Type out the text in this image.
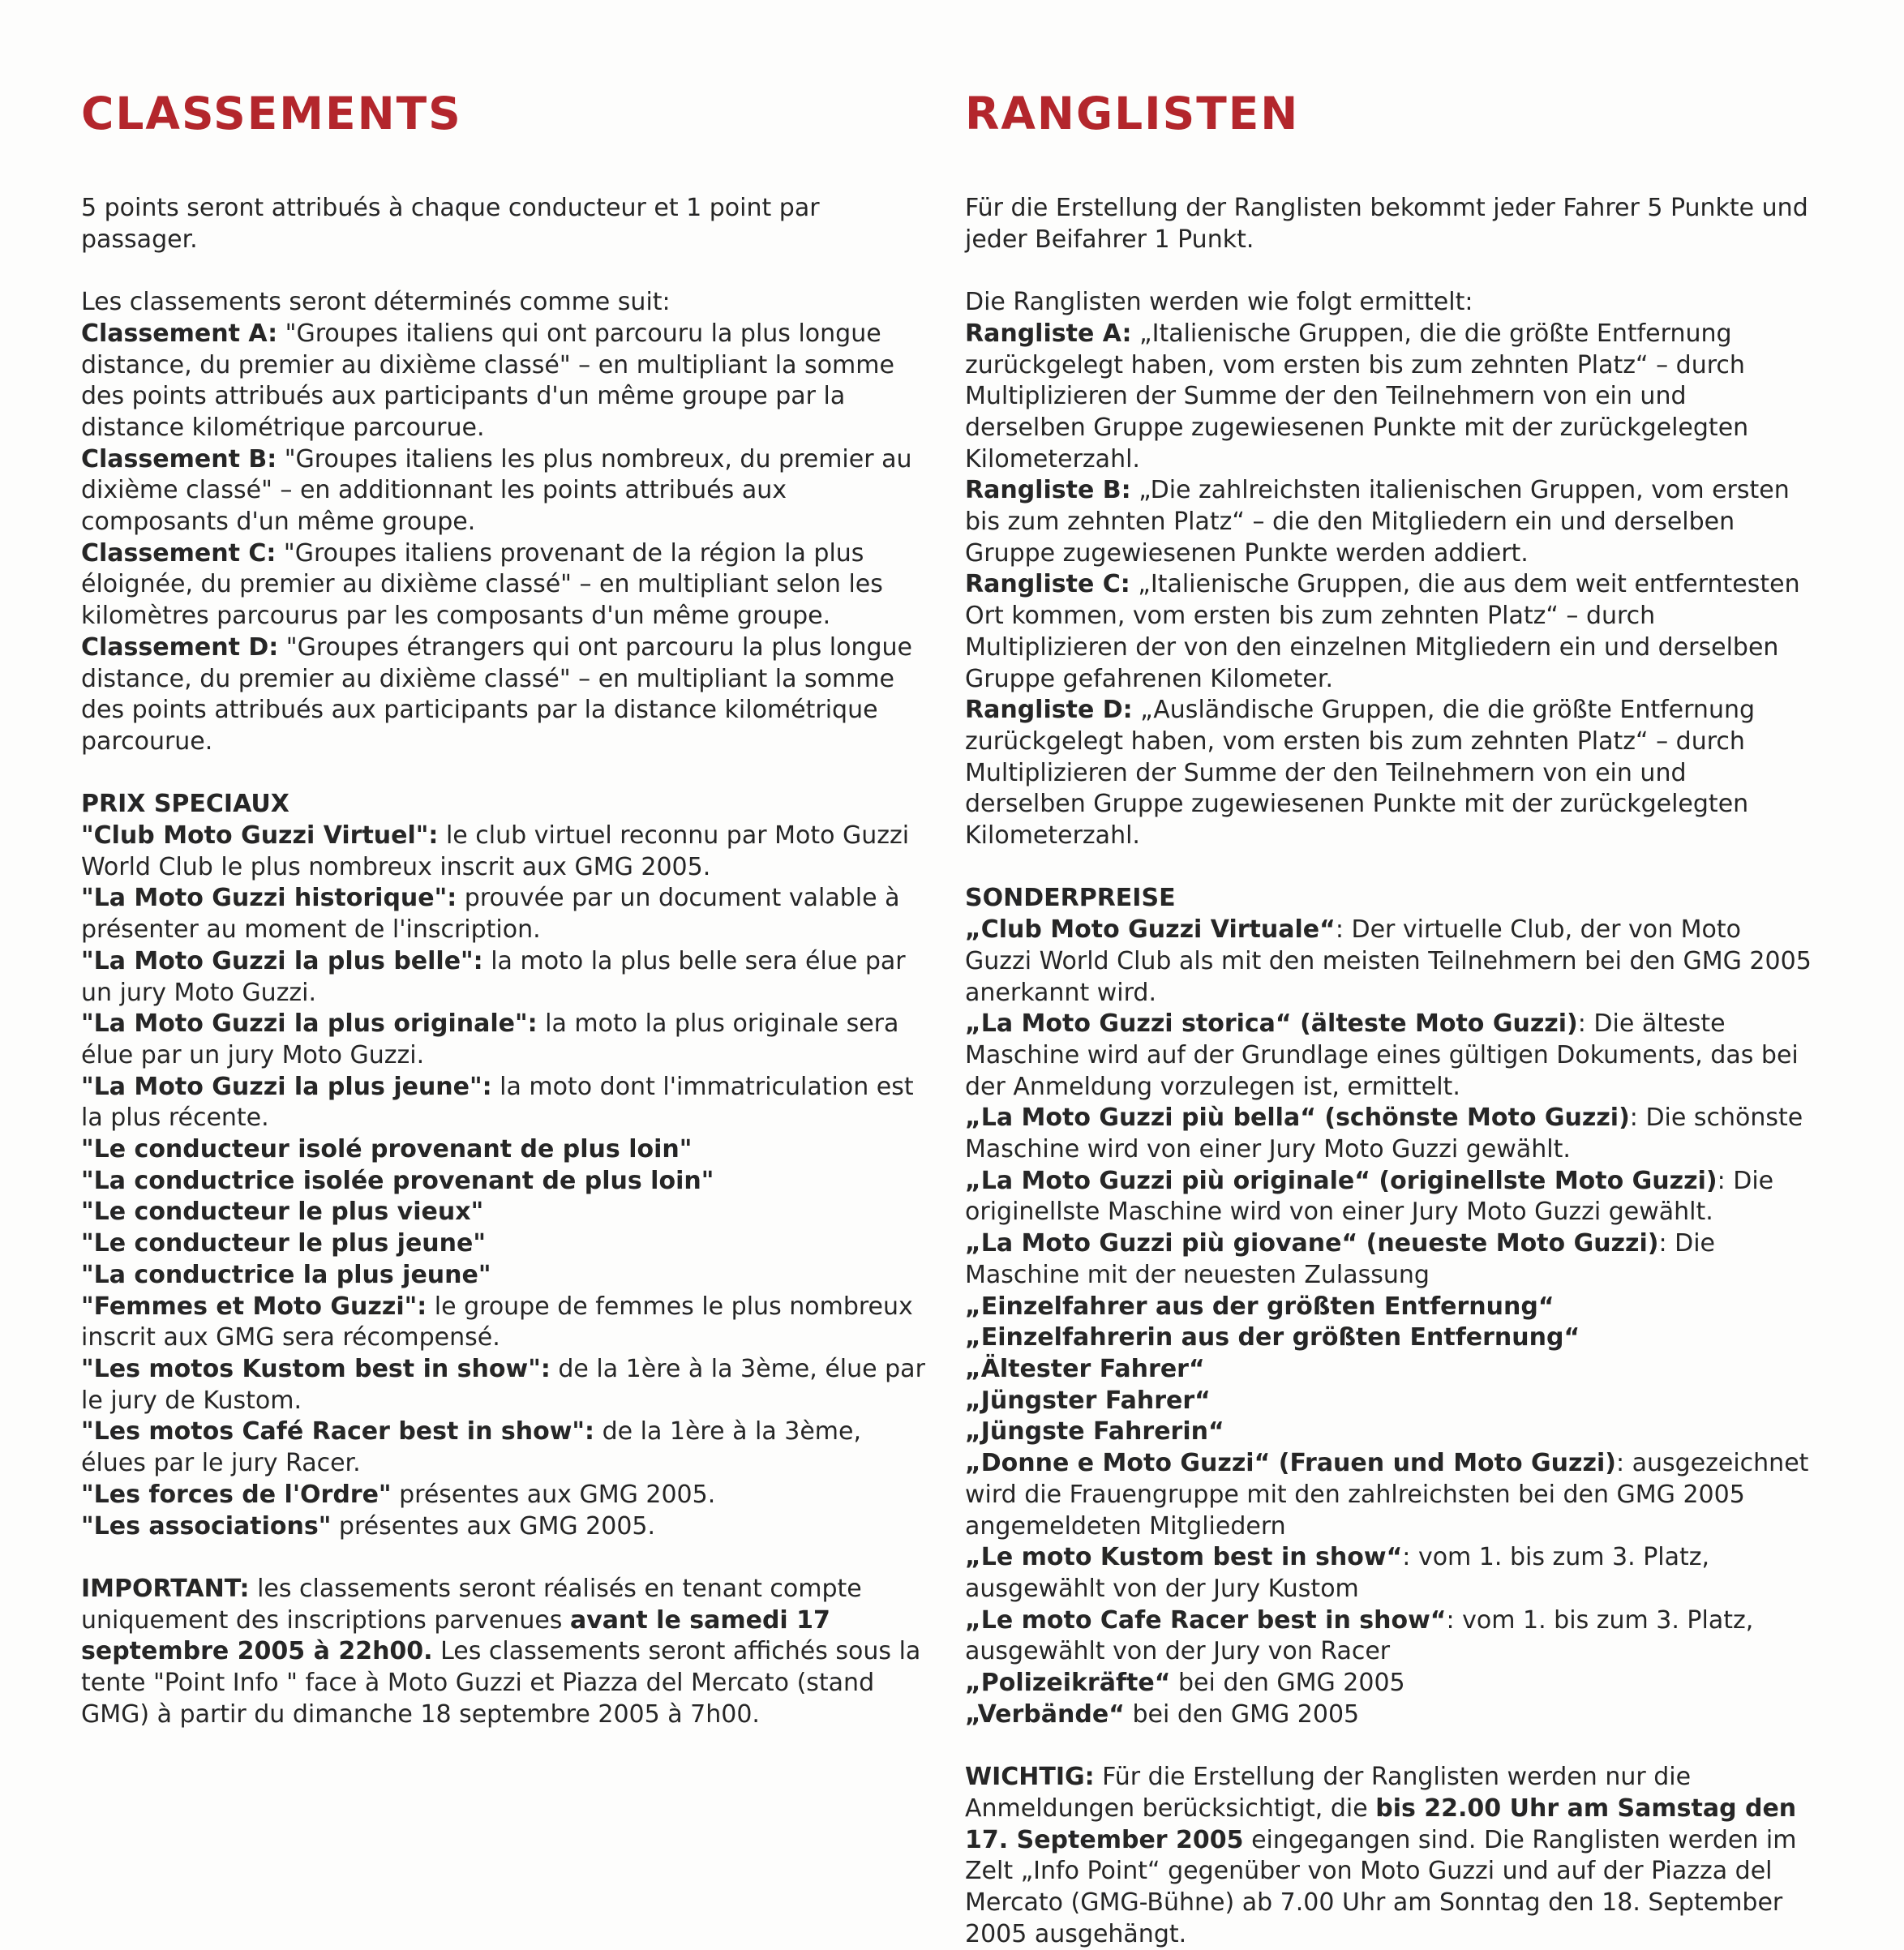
CLASSEMENTS

5 points seront attribués à chaque conducteur et 1 point par passager.

Les classements seront déterminés comme suit:

Classement A: "Groupes italiens qui ont parcouru la plus longue distance, du premier au dixième classé" – en multipliant la somme des points attribués aux participants d'un même groupe par la distance kilométrique parcourue.

Classement B: "Groupes italiens les plus nombreux, du premier au dixième classé" – en additionnant les points attribués aux composants d'un même groupe.

Classement C: "Groupes italiens provenant de la région la plus éloignée, du premier au dixième classé" – en multipliant selon les kilomètres parcourus par les composants d'un même groupe.

Classement D: "Groupes étrangers qui ont parcouru la plus longue distance, du premier au dixième classé" – en multipliant la somme des points attribués aux participants par la distance kilométrique parcourue.

PRIX SPECIAUX

"Club Moto Guzzi Virtuel": le club virtuel reconnu par Moto Guzzi World Club le plus nombreux inscrit aux GMG 2005.

"La Moto Guzzi historique": prouvée par un document valable à présenter au moment de l'inscription.

"La Moto Guzzi la plus belle": la moto la plus belle sera élue par un jury Moto Guzzi.

"La Moto Guzzi la plus originale": la moto la plus originale sera élue par un jury Moto Guzzi.

"La Moto Guzzi la plus jeune": la moto dont l'immatriculation est la plus récente.

"Le conducteur isolé provenant de plus loin"

"La conductrice isolée provenant de plus loin"

"Le conducteur le plus vieux"

"Le conducteur le plus jeune"

"La conductrice la plus jeune"

"Femmes et Moto Guzzi": le groupe de femmes le plus nombreux inscrit aux GMG sera récompensé.

"Les motos Kustom best in show": de la 1ère à la 3ème, élue par le jury de Kustom.

"Les motos Café Racer best in show": de la 1ère à la 3ème, élues par le jury Racer.

"Les forces de l'Ordre" présentes aux GMG 2005.

"Les associations" présentes aux GMG 2005.

IMPORTANT: les classements seront réalisés en tenant compte uniquement des inscriptions parvenues avant le samedi 17 septembre 2005 à 22h00. Les classements seront affichés sous la tente "Point Info " face à Moto Guzzi et Piazza del Mercato (stand GMG) à partir du dimanche 18 septembre 2005 à 7h00.

RANGLISTEN

Für die Erstellung der Ranglisten bekommt jeder Fahrer 5 Punkte und jeder Beifahrer 1 Punkt.

Die Ranglisten werden wie folgt ermittelt:

Rangliste A: „Italienische Gruppen, die die größte Entfernung zurückgelegt haben, vom ersten bis zum zehnten Platz“ – durch Multiplizieren der Summe der den Teilnehmern von ein und derselben Gruppe zugewiesenen Punkte mit der zurückgelegten Kilometerzahl.

Rangliste B: „Die zahlreichsten italienischen Gruppen, vom ersten bis zum zehnten Platz“ – die den Mitgliedern ein und derselben Gruppe zugewiesenen Punkte werden addiert.

Rangliste C: „Italienische Gruppen, die aus dem weit entferntesten Ort kommen, vom ersten bis zum zehnten Platz“ – durch Multiplizieren der von den einzelnen Mitgliedern ein und derselben Gruppe gefahrenen Kilometer.

Rangliste D: „Ausländische Gruppen, die die größte Entfernung zurückgelegt haben, vom ersten bis zum zehnten Platz“ – durch Multiplizieren der Summe der den Teilnehmern von ein und derselben Gruppe zugewiesenen Punkte mit der zurückgelegten Kilometerzahl.

SONDERPREISE

„Club Moto Guzzi Virtuale“: Der virtuelle Club, der von Moto Guzzi World Club als mit den meisten Teilnehmern bei den GMG 2005 anerkannt wird.

„La Moto Guzzi storica“ (älteste Moto Guzzi): Die älteste Maschine wird auf der Grundlage eines gültigen Dokuments, das bei der Anmeldung vorzulegen ist, ermittelt.

„La Moto Guzzi più bella“ (schönste Moto Guzzi): Die schönste Maschine wird von einer Jury Moto Guzzi gewählt.

„La Moto Guzzi più originale“ (originellste Moto Guzzi): Die originellste Maschine wird von einer Jury Moto Guzzi gewählt.

„La Moto Guzzi più giovane“ (neueste Moto Guzzi): Die Maschine mit der neuesten Zulassung

„Einzelfahrer aus der größten Entfernung“

„Einzelfahrerin aus der größten Entfernung“

„Ältester Fahrer“

„Jüngster Fahrer“

„Jüngste Fahrerin“

„Donne e Moto Guzzi“ (Frauen und Moto Guzzi): ausgezeichnet wird die Frauengruppe mit den zahlreichsten bei den GMG 2005 angemeldeten Mitgliedern

„Le moto Kustom best in show“: vom 1. bis zum 3. Platz, ausgewählt von der Jury Kustom

„Le moto Cafe Racer best in show“: vom 1. bis zum 3. Platz, ausgewählt von der Jury von Racer

„Polizeikräfte“ bei den GMG 2005

„Verbände“ bei den GMG 2005

WICHTIG: Für die Erstellung der Ranglisten werden nur die Anmeldungen berücksichtigt, die bis 22.00 Uhr am Samstag den 17. September 2005 eingegangen sind. Die Ranglisten werden im Zelt „Info Point“ gegenüber von Moto Guzzi und auf der Piazza del Mercato (GMG-Bühne) ab 7.00 Uhr am Sonntag den 18. September 2005 ausgehängt.
